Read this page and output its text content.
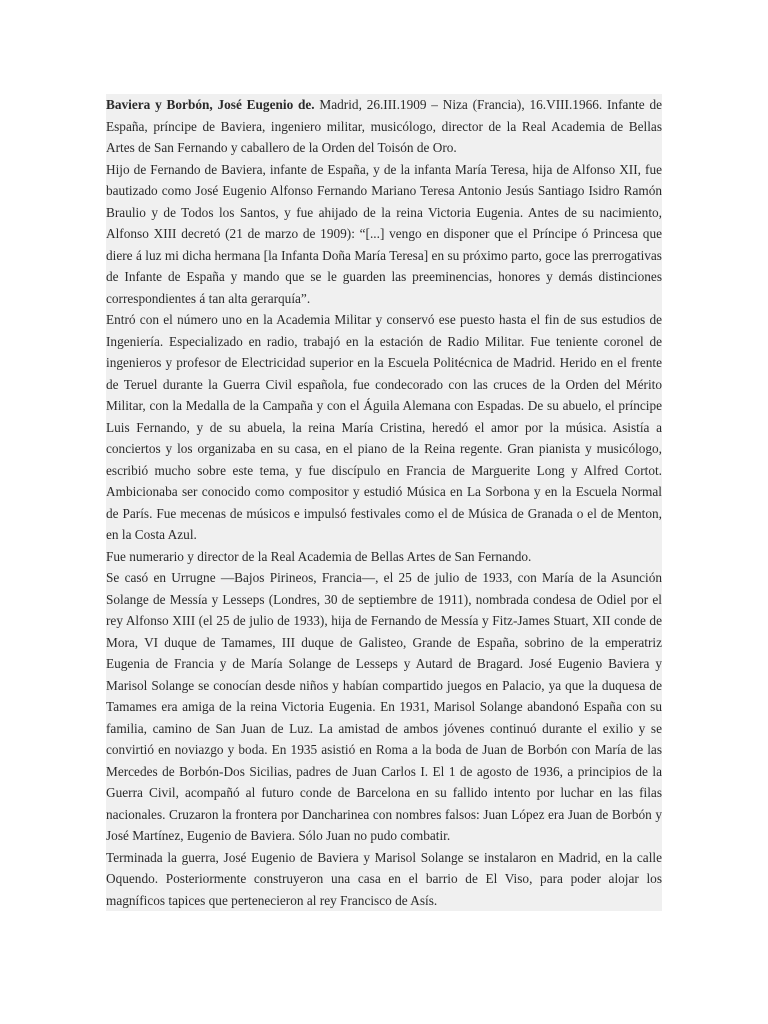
Baviera y Borbón, José Eugenio de. Madrid, 26.III.1909 – Niza (Francia), 16.VIII.1966. Infante de España, príncipe de Baviera, ingeniero militar, musicólogo, director de la Real Academia de Bellas Artes de San Fernando y caballero de la Orden del Toisón de Oro.

Hijo de Fernando de Baviera, infante de España, y de la infanta María Teresa, hija de Alfonso XII, fue bautizado como José Eugenio Alfonso Fernando Mariano Teresa Antonio Jesús Santiago Isidro Ramón Braulio y de Todos los Santos, y fue ahijado de la reina Victoria Eugenia. Antes de su nacimiento, Alfonso XIII decretó (21 de marzo de 1909): “[...] vengo en disponer que el Príncipe ó Princesa que diere á luz mi dicha hermana [la Infanta Doña María Teresa] en su próximo parto, goce las prerrogativas de Infante de España y mando que se le guarden las preeminencias, honores y demás distinciones correspondientes á tan alta gerarquía”.

Entró con el número uno en la Academia Militar y conservó ese puesto hasta el fin de sus estudios de Ingeniería. Especializado en radio, trabajó en la estación de Radio Militar. Fue teniente coronel de ingenieros y profesor de Electricidad superior en la Escuela Politécnica de Madrid. Herido en el frente de Teruel durante la Guerra Civil española, fue condecorado con las cruces de la Orden del Mérito Militar, con la Medalla de la Campaña y con el Águila Alemana con Espadas. De su abuelo, el príncipe Luis Fernando, y de su abuela, la reina María Cristina, heredó el amor por la música. Asistía a conciertos y los organizaba en su casa, en el piano de la Reina regente. Gran pianista y musicólogo, escribió mucho sobre este tema, y fue discípulo en Francia de Marguerite Long y Alfred Cortot. Ambicionaba ser conocido como compositor y estudió Música en La Sorbona y en la Escuela Normal de París. Fue mecenas de músicos e impulsó festivales como el de Música de Granada o el de Menton, en la Costa Azul.

Fue numerario y director de la Real Academia de Bellas Artes de San Fernando.

Se casó en Urrugne —Bajos Pirineos, Francia—, el 25 de julio de 1933, con María de la Asunción Solange de Messía y Lesseps (Londres, 30 de septiembre de 1911), nombrada condesa de Odiel por el rey Alfonso XIII (el 25 de julio de 1933), hija de Fernando de Messía y Fitz-James Stuart, XII conde de Mora, VI duque de Tamames, III duque de Galisteo, Grande de España, sobrino de la emperatriz Eugenia de Francia y de María Solange de Lesseps y Autard de Bragard. José Eugenio Baviera y Marisol Solange se conocían desde niños y habían compartido juegos en Palacio, ya que la duquesa de Tamames era amiga de la reina Victoria Eugenia. En 1931, Marisol Solange abandonó España con su familia, camino de San Juan de Luz. La amistad de ambos jóvenes continuó durante el exilio y se convirtió en noviazgo y boda. En 1935 asistió en Roma a la boda de Juan de Borbón con María de las Mercedes de Borbón-Dos Sicilias, padres de Juan Carlos I. El 1 de agosto de 1936, a principios de la Guerra Civil, acompañó al futuro conde de Barcelona en su fallido intento por luchar en las filas nacionales. Cruzaron la frontera por Dancharinea con nombres falsos: Juan López era Juan de Borbón y José Martínez, Eugenio de Baviera. Sólo Juan no pudo combatir.

Terminada la guerra, José Eugenio de Baviera y Marisol Solange se instalaron en Madrid, en la calle Oquendo. Posteriormente construyeron una casa en el barrio de El Viso, para poder alojar los magníficos tapices que pertenecieron al rey Francisco de Asís.
